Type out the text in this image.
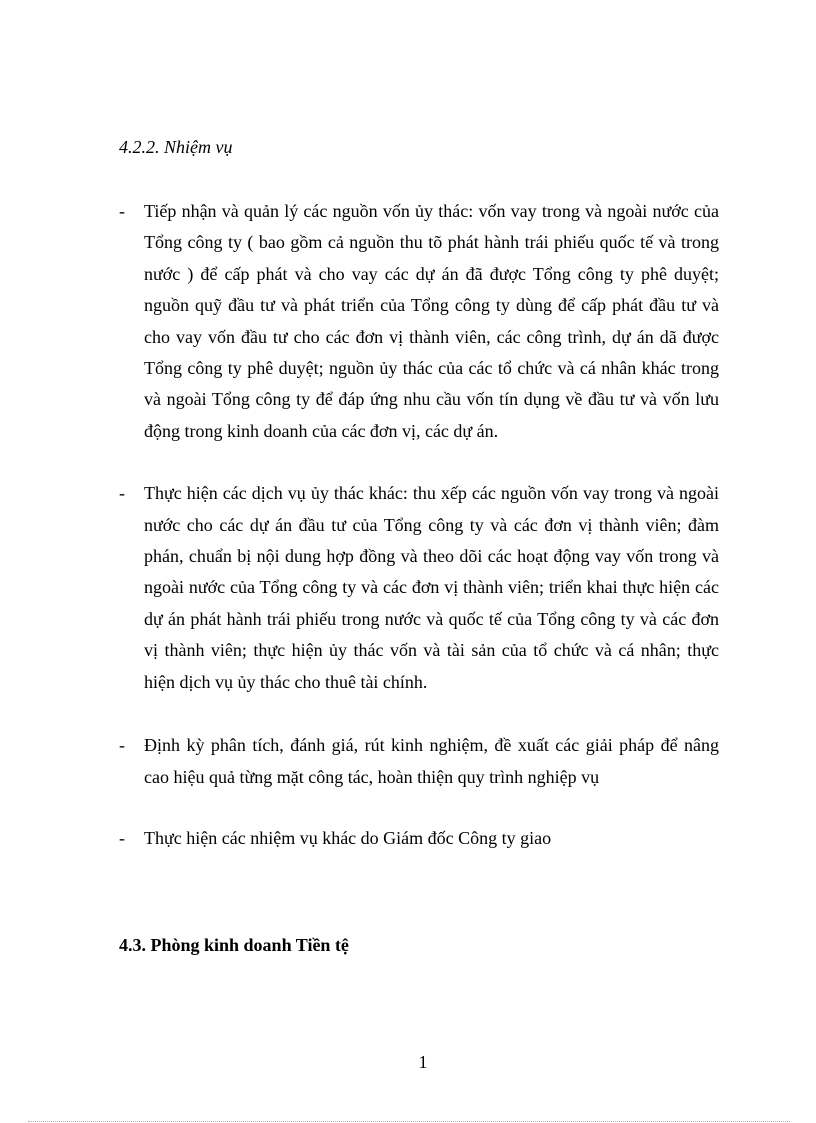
4.2.2. Nhiệm vụ
-	Tiếp nhận và quản lý các nguồn vốn ủy thác: vốn vay trong và ngoài nước của Tổng công ty ( bao gồm cả nguồn thu tõ phát hành trái phiếu quốc tế và trong nước ) để cấp phát và cho vay các dự án đã được Tổng công ty phê duyệt; nguồn quỹ đầu tư và phát triển của Tổng công ty dùng để cấp phát đầu tư và cho vay vốn đầu tư cho các đơn vị thành viên, các công trình, dự án dã được Tổng công ty phê duyệt; nguồn ủy thác của các tổ chức và cá nhân khác trong và ngoài Tổng công ty để đáp ứng nhu cầu vốn tín dụng về đầu tư và vốn lưu động trong kinh doanh của các đơn vị, các dự án.
-	Thực hiện các dịch vụ ủy thác khác: thu xếp các nguồn vốn vay trong và ngoài nước cho các dự án đầu tư của Tổng công ty và các đơn vị thành viên; đàm phán, chuẩn bị nội dung hợp đồng và theo dõi các hoạt động vay vốn trong và ngoài nước của Tổng công ty và các đơn vị thành viên; triển khai thực hiện các dự án phát hành trái phiếu trong nước và quốc tế của Tổng công ty và các đơn vị thành viên; thực hiện ủy thác vốn và tài sản của tổ chức và cá nhân; thực hiện dịch vụ ủy thác cho thuê tài chính.
-	Định kỳ phân tích, đánh giá, rút kinh nghiệm, đề xuất các giải pháp để nâng cao hiệu quả từng mặt công tác, hoàn thiện quy trình nghiệp vụ
-	Thực hiện các nhiệm vụ khác do Giám đốc Công ty giao
4.3. Phòng kinh doanh Tiền tệ
1
